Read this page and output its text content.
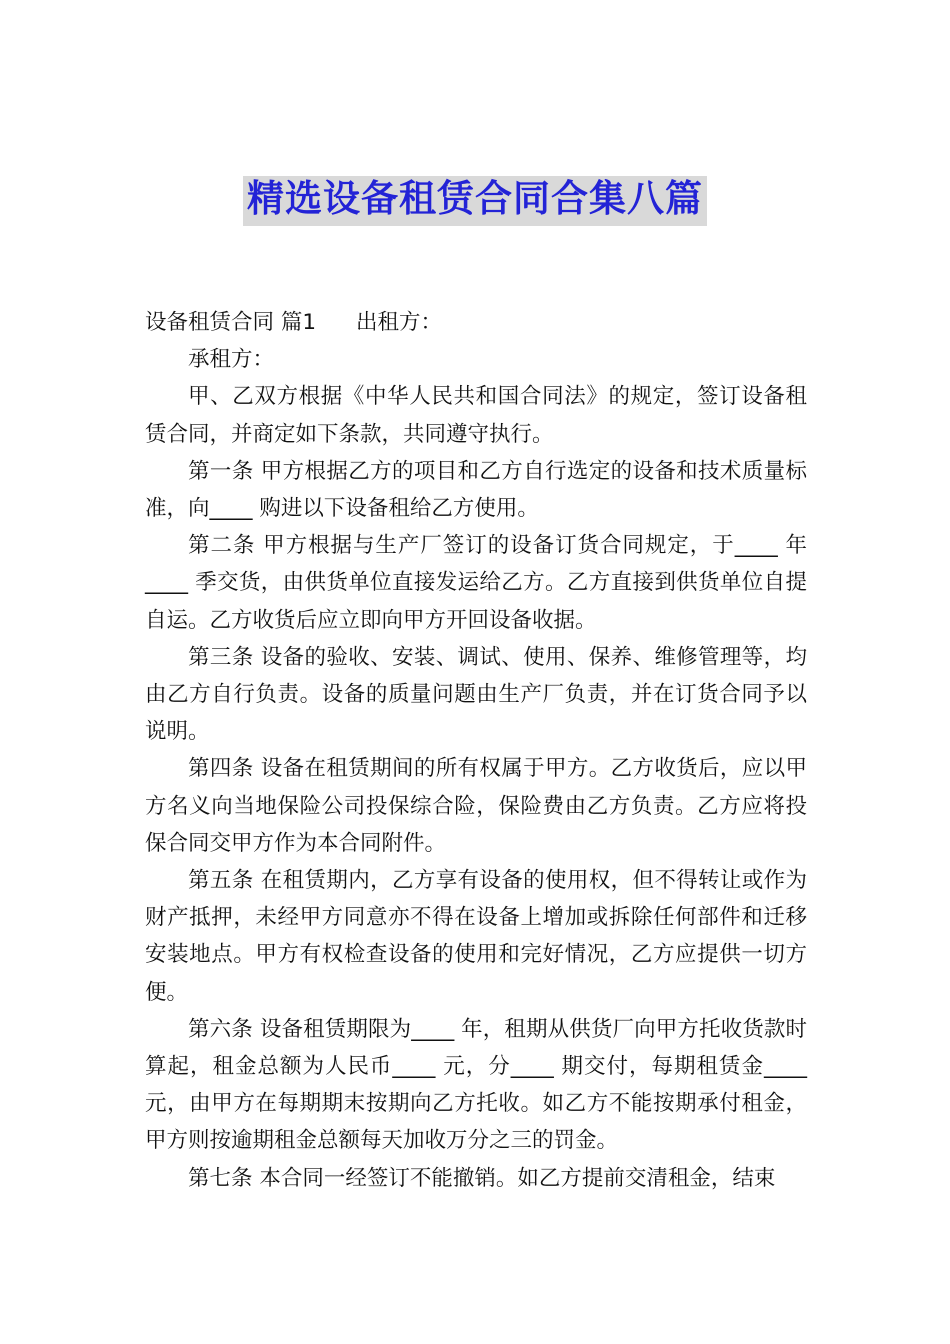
精选设备租赁合同合集八篇

设备租赁合同 篇1 出租方：

承租方：

甲、乙双方根据《中华人民共和国合同法》的规定，签订设备租赁合同，并商定如下条款，共同遵守执行。

第一条 甲方根据乙方的项目和乙方自行选定的设备和技术质量标准，向____ 购进以下设备租给乙方使用。

第二条 甲方根据与生产厂签订的设备订货合同规定，于____ 年____ 季交货，由供货单位直接发运给乙方。乙方直接到供货单位自提自运。乙方收货后应立即向甲方开回设备收据。

第三条 设备的验收、安装、调试、使用、保养、维修管理等，均由乙方自行负责。设备的质量问题由生产厂负责，并在订货合同予以说明。

第四条 设备在租赁期间的所有权属于甲方。乙方收货后，应以甲方名义向当地保险公司投保综合险，保险费由乙方负责。乙方应将投保合同交甲方作为本合同附件。

第五条 在租赁期内，乙方享有设备的使用权，但不得转让或作为财产抵押，未经甲方同意亦不得在设备上增加或拆除任何部件和迁移安装地点。甲方有权检查设备的使用和完好情况，乙方应提供一切方便。

第六条 设备租赁期限为____ 年，租期从供货厂向甲方托收货款时算起，租金总额为人民币____ 元，分____ 期交付，每期租赁金____ 元，由甲方在每期期末按期向乙方托收。如乙方不能按期承付租金，甲方则按逾期租金总额每天加收万分之三的罚金。

第七条 本合同一经签订不能撤销。如乙方提前交清租金，结束
